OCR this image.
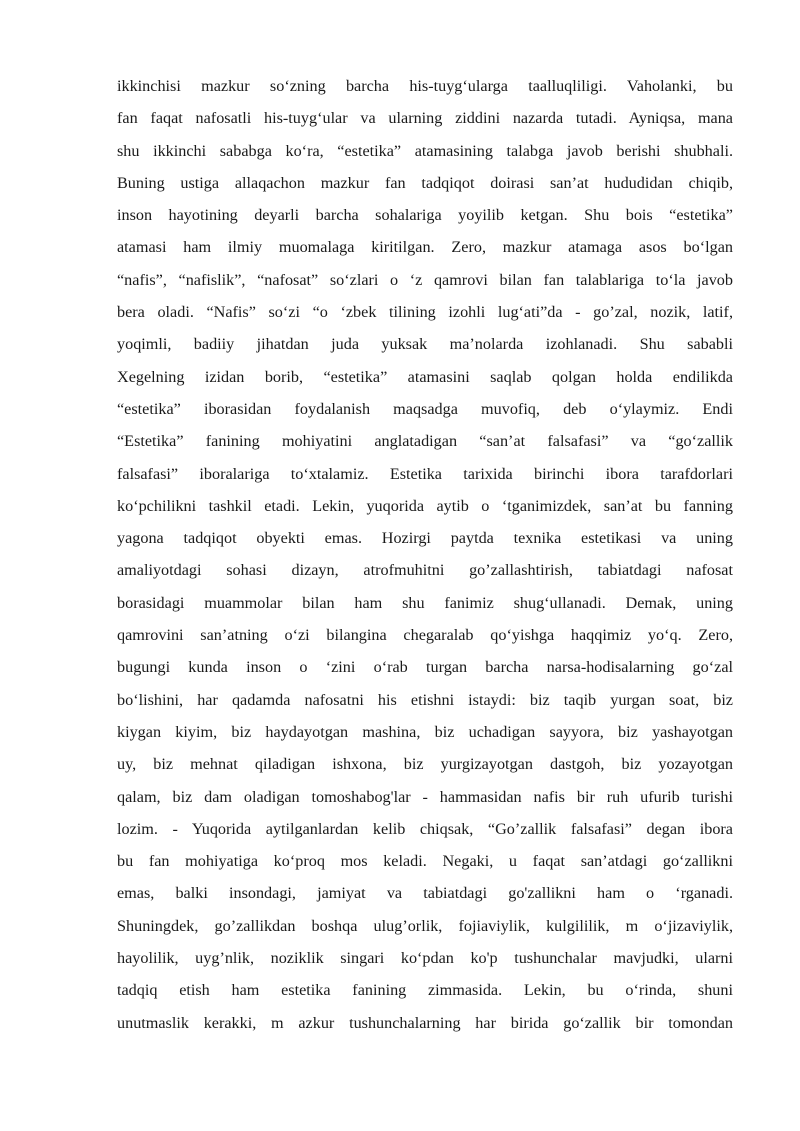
ikkinchisi mazkur so‘zning barcha his-tuyg‘ularga taalluqliligi. Vaholanki, bu
fan faqat nafosatli his-tuyg‘ular va ularning ziddini nazarda tutadi. Ayniqsa, mana
shu ikkinchi sababga ko‘ra, “estetika” atamasining talabga javob berishi shubhali.
Buning ustiga allaqachon mazkur fan tadqiqot doirasi san’at hududidan chiqib,
inson hayotining deyarli barcha sohalariga yoyilib ketgan. Shu bois “estetika”
atamasi ham ilmiy muomalaga kiritilgan. Zero, mazkur atamaga asos bo‘lgan
“nafis”, “nafislik”, “nafosat” so‘zlari o ‘z qamrovi bilan fan talablariga to‘la javob
bera oladi. “Nafis” so‘zi “o ‘zbek tilining izohli lug‘ati”da - go’zal, nozik, latif,
yoqimli, badiiy jihatdan juda yuksak ma’nolarda izohlanadi. Shu sababli
Xegelning izidan borib, “estetika” atamasini saqlab qolgan holda endilikda
“estetika” iborasidan foydalanish maqsadga muvofiq, deb o‘ylaymiz. Endi
“Estetika” fanining mohiyatini anglatadigan “san’at falsafasi” va “go‘zallik
falsafasi” iboralariga to‘xtalamiz. Estetika tarixida birinchi ibora tarafdorlari
ko‘pchilikni tashkil etadi. Lekin, yuqorida aytib o ‘tganimizdek, san’at bu fanning
yagona tadqiqot obyekti emas. Hozirgi paytda texnika estetikasi va uning
amaliyotdagi sohasi dizayn, atrofmuhitni go’zallashtirish, tabiatdagi nafosat
borasidagi muammolar bilan ham shu fanimiz shug‘ullanadi. Demak, uning
qamrovini san’atning o‘zi bilangina chegaralab qo‘yishga haqqimiz yo‘q. Zero,
bugungi kunda inson o ‘zini o‘rab turgan barcha narsa-hodisalarning go‘zal
bo‘lishini, har qadamda nafosatni his etishni istaydi: biz taqib yurgan soat, biz
kiygan kiyim, biz haydayotgan mashina, biz uchadigan sayyora, biz yashayotgan
uy, biz mehnat qiladigan ishxona, biz yurgizayotgan dastgoh, biz yozayotgan
qalam, biz dam oladigan tomoshabog'lar - hammasidan nafis bir ruh ufurib turishi
lozim. - Yuqorida aytilganlardan kelib chiqsak, “Go’zallik falsafasi” degan ibora
bu fan mohiyatiga ko‘proq mos keladi. Negaki, u faqat san’atdagi go‘zallikni
emas, balki insondagi, jamiyat va tabiatdagi go'zallikni ham o ‘rganadi.
Shuningdek, go’zallikdan boshqa ulug’orlik, fojiaviylik, kulgililik, m o‘jizaviylik,
hayolilik, uyg’nlik, noziklik singari ko‘pdan ko'p tushunchalar mavjudki, ularni
tadqiq etish ham estetika fanining zimmasida. Lekin, bu o‘rinda, shuni
unutmaslik kerakki, m azkur tushunchalarning har birida go‘zallik bir tomondan
